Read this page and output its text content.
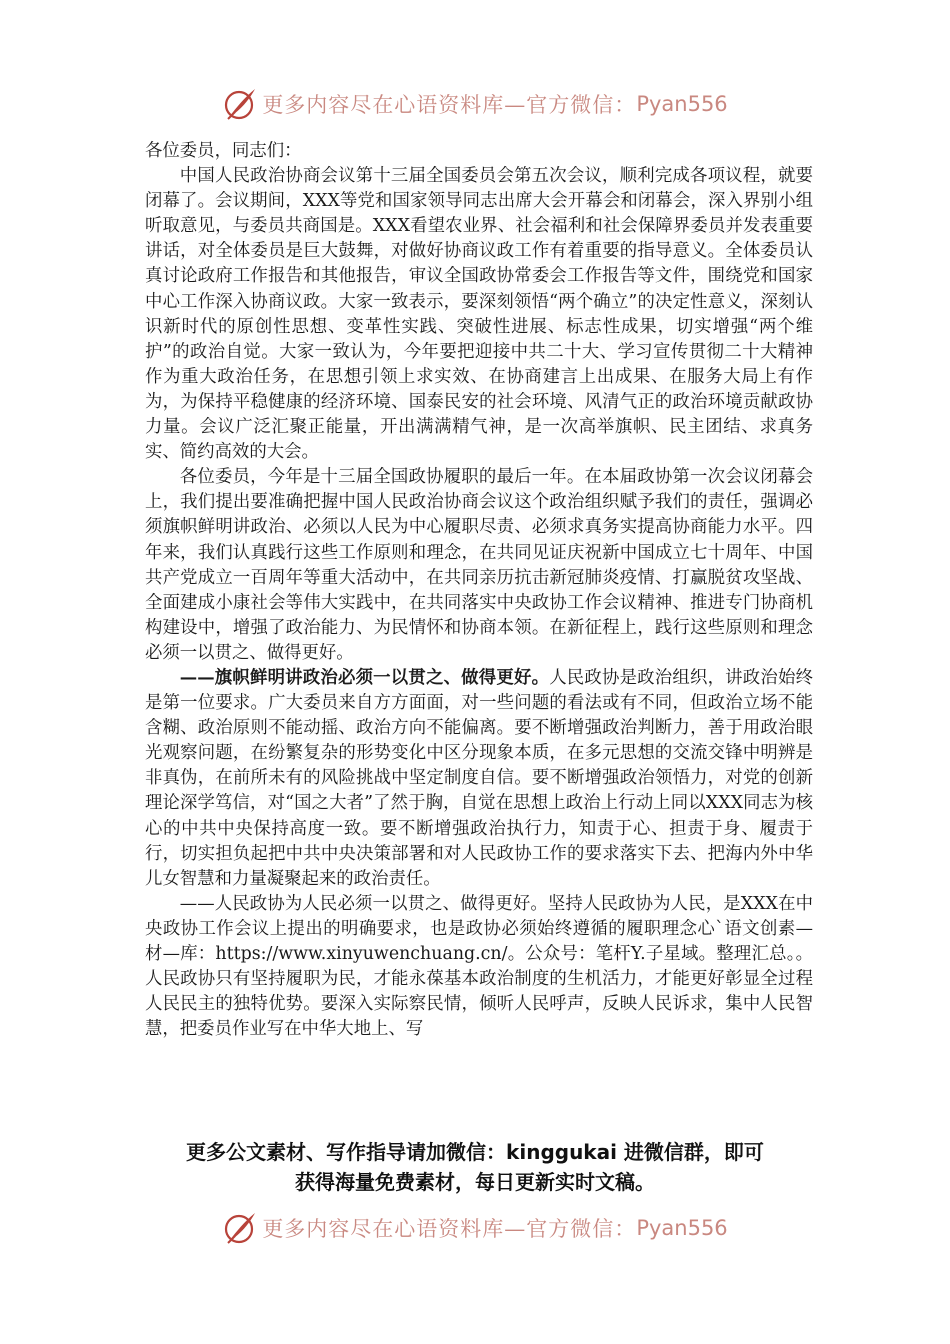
更多内容尽在心语资料库—官方微信： Pyan556

各位委员，同志们：

中国人民政治协商会议第十三届全国委员会第五次会议，顺利完成各项议程，就要闭幕了。会议期间，XXX等党和国家领导同志出席大会开幕会和闭幕会，深入界别小组听取意见，与委员共商国是。XXX看望农业界、社会福利和社会保障界委员并发表重要讲话，对全体委员是巨大鼓舞，对做好协商议政工作有着重要的指导意义。全体委员认真讨论政府工作报告和其他报告，审议全国政协常委会工作报告等文件，围绕党和国家中心工作深入协商议政。大家一致表示，要深刻领悟“两个确立”的决定性意义，深刻认识新时代的原创性思想、变革性实践、突破性进展、标志性成果，切实增强“两个维护”的政治自觉。大家一致认为，今年要把迎接中共二十大、学习宣传贯彻二十大精神作为重大政治任务，在思想引领上求实效、在协商建言上出成果、在服务大局上有作为，为保持平稳健康的经济环境、国泰民安的社会环境、风清气正的政治环境贡献政协力量。会议广泛汇聚正能量，开出满满精气神，是一次高举旗帜、民主团结、求真务实、简约高效的大会。

各位委员，今年是十三届全国政协履职的最后一年。在本届政协第一次会议闭幕会上，我们提出要准确把握中国人民政治协商会议这个政治组织赋予我们的责任，强调必须旗帜鲜明讲政治、必须以人民为中心履职尽责、必须求真务实提高协商能力水平。四年来，我们认真践行这些工作原则和理念，在共同见证庆祝新中国成立七十周年、中国共产党成立一百周年等重大活动中，在共同亲历抗击新冠肺炎疫情、打赢脱贫攻坚战、全面建成小康社会等伟大实践中，在共同落实中央政协工作会议精神、推进专门协商机构建设中，增强了政治能力、为民情怀和协商本领。在新征程上，践行这些原则和理念必须一以贯之、做得更好。

——旗帜鲜明讲政治必须一以贯之、做得更好。人民政协是政治组织，讲政治始终是第一位要求。广大委员来自方方面面，对一些问题的看法或有不同，但政治立场不能含糊、政治原则不能动摇、政治方向不能偏离。要不断增强政治判断力，善于用政治眼光观察问题，在纷繁复杂的形势变化中区分现象本质，在多元思想的交流交锋中明辨是非真伪，在前所未有的风险挑战中坚定制度自信。要不断增强政治领悟力，对党的创新理论深学笃信，对“国之大者”了然于胸，自觉在思想上政治上行动上同以XXX同志为核心的中共中央保持高度一致。要不断增强政治执行力，知责于心、担责于身、履责于行，切实担负起把中共中央决策部署和对人民政协工作的要求落实下去、把海内外中华儿女智慧和力量凝聚起来的政治责任。

——人民政协为人民必须一以贯之、做得更好。坚持人民政协为人民，是XXX在中央政协工作会议上提出的明确要求，也是政协必须始终遵循的履职理念心`语文创素—材—库：https://www.xinyuwenchuang.cn/。公众号：笔杆Y.子星域。整理汇总。。人民政协只有坚持履职为民，才能永葆基本政治制度的生机活力，才能更好彰显全过程人民民主的独特优势。要深入实际察民情，倾听人民呼声，反映人民诉求，集中人民智慧，把委员作业写在中华大地上、写

更多公文素材、写作指导请加微信：kinggukai 进微信群，即可
获得海量免费素材，每日更新实时文稿。
更多内容尽在心语资料库—官方微信： Pyan556
